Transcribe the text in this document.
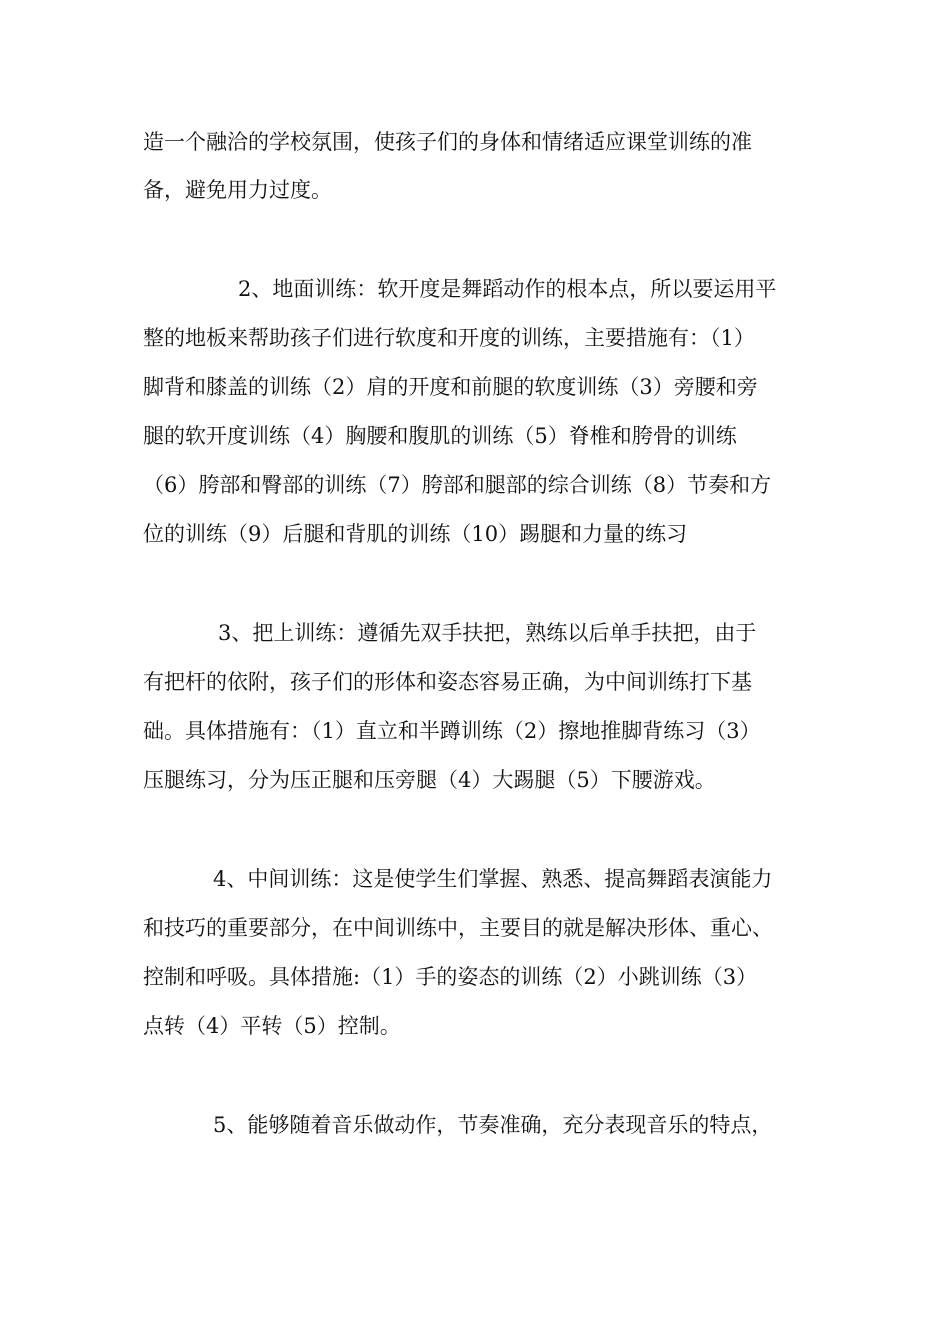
造一个融洽的学校氛围，使孩子们的身体和情绪适应课堂训练的准
备，避免用力过度。
2、地面训练：软开度是舞蹈动作的根本点，所以要运用平
整的地板来帮助孩子们进行软度和开度的训练，主要措施有：（1）
脚背和膝盖的训练（2）肩的开度和前腿的软度训练（3）旁腰和旁
腿的软开度训练（4）胸腰和腹肌的训练（5）脊椎和胯骨的训练
（6）胯部和臀部的训练（7）胯部和腿部的综合训练（8）节奏和方
位的训练（9）后腿和背肌的训练（10）踢腿和力量的练习
3、把上训练：遵循先双手扶把，熟练以后单手扶把，由于
有把杆的依附，孩子们的形体和姿态容易正确，为中间训练打下基
础。具体措施有：（1）直立和半蹲训练（2）擦地推脚背练习（3）
压腿练习，分为压正腿和压旁腿（4）大踢腿（5）下腰游戏。
4、中间训练：这是使学生们掌握、熟悉、提高舞蹈表演能力
和技巧的重要部分，在中间训练中，主要目的就是解决形体、重心、
控制和呼吸。具体措施:（1）手的姿态的训练（2）小跳训练（3）
点转（4）平转（5）控制。
5、能够随着音乐做动作，节奏准确，充分表现音乐的特点，
